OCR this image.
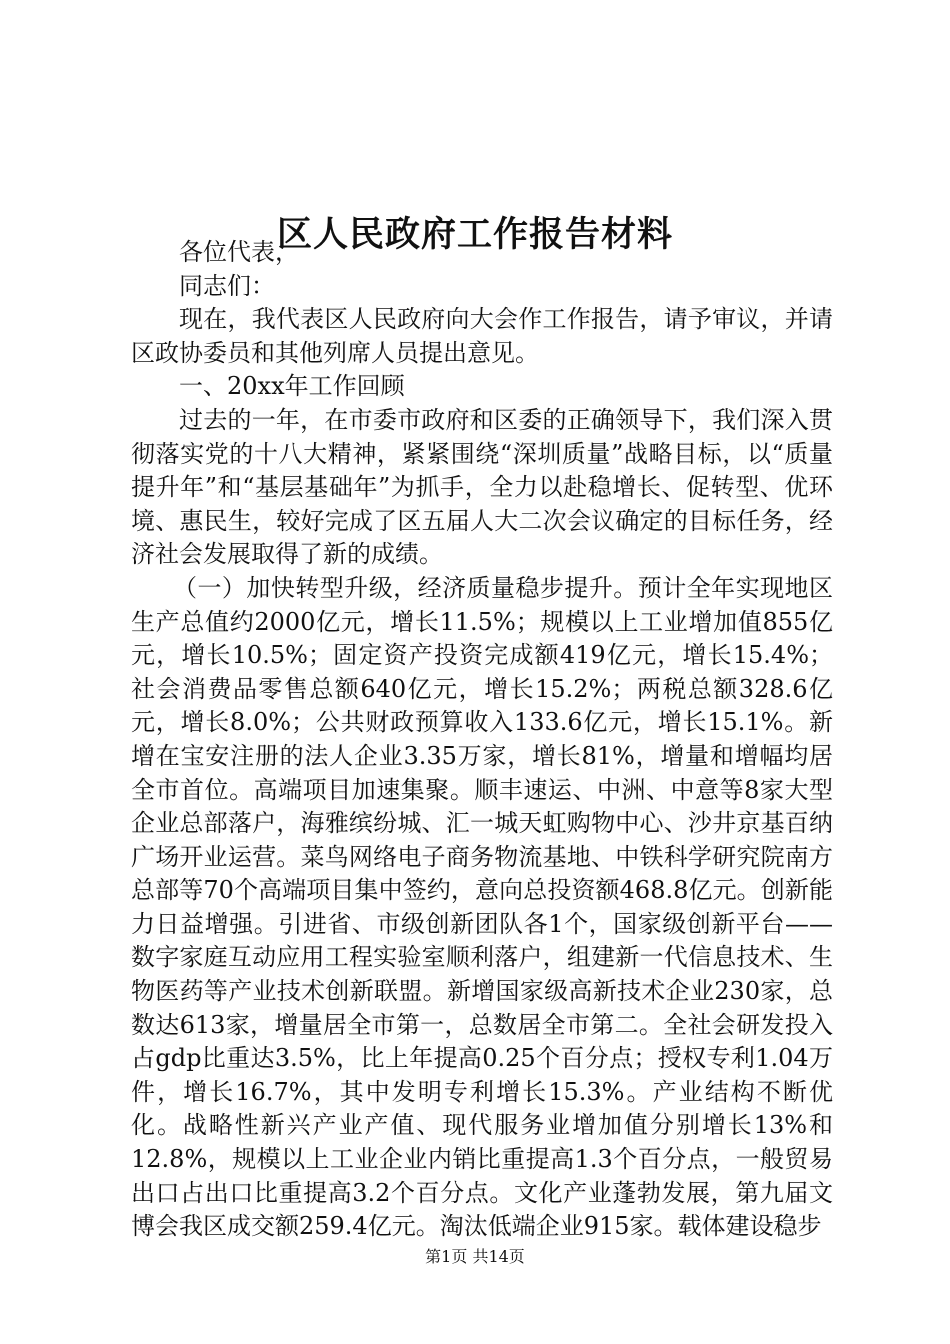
区人民政府工作报告材料

各位代表，

同志们：

现在，我代表区人民政府向大会作工作报告，请予审议，并请区政协委员和其他列席人员提出意见。

一、20xx年工作回顾

过去的一年，在市委市政府和区委的正确领导下，我们深入贯彻落实党的十八大精神，紧紧围绕“深圳质量”战略目标，以“质量提升年”和“基层基础年”为抓手，全力以赴稳增长、促转型、优环境、惠民生，较好完成了区五届人大二次会议确定的目标任务，经济社会发展取得了新的成绩。

（一）加快转型升级，经济质量稳步提升。预计全年实现地区生产总值约2000亿元，增长11.5%；规模以上工业增加值855亿元，增长10.5%；固定资产投资完成额419亿元，增长15.4%；社会消费品零售总额640亿元，增长15.2%；两税总额328.6亿元，增长8.0%；公共财政预算收入133.6亿元，增长15.1%。新增在宝安注册的法人企业3.35万家，增长81%，增量和增幅均居全市首位。高端项目加速集聚。顺丰速运、中洲、中意等8家大型企业总部落户，海雅缤纷城、汇一城天虹购物中心、沙井京基百纳广场开业运营。菜鸟网络电子商务物流基地、中铁科学研究院南方总部等70个高端项目集中签约，意向总投资额468.8亿元。创新能力日益增强。引进省、市级创新团队各1个，国家级创新平台——数字家庭互动应用工程实验室顺利落户，组建新一代信息技术、生物医药等产业技术创新联盟。新增国家级高新技术企业230家，总数达613家，增量居全市第一，总数居全市第二。全社会研发投入占gdp比重达3.5%，比上年提高0.25个百分点；授权专利1.04万件，增长16.7%，其中发明专利增长15.3%。产业结构不断优化。战略性新兴产业产值、现代服务业增加值分别增长13%和12.8%，规模以上工业企业内销比重提高1.3个百分点，一般贸易出口占出口比重提高3.2个百分点。文化产业蓬勃发展，第九届文博会我区成交额259.4亿元。淘汰低端企业915家。载体建设稳步

第1页 共14页
